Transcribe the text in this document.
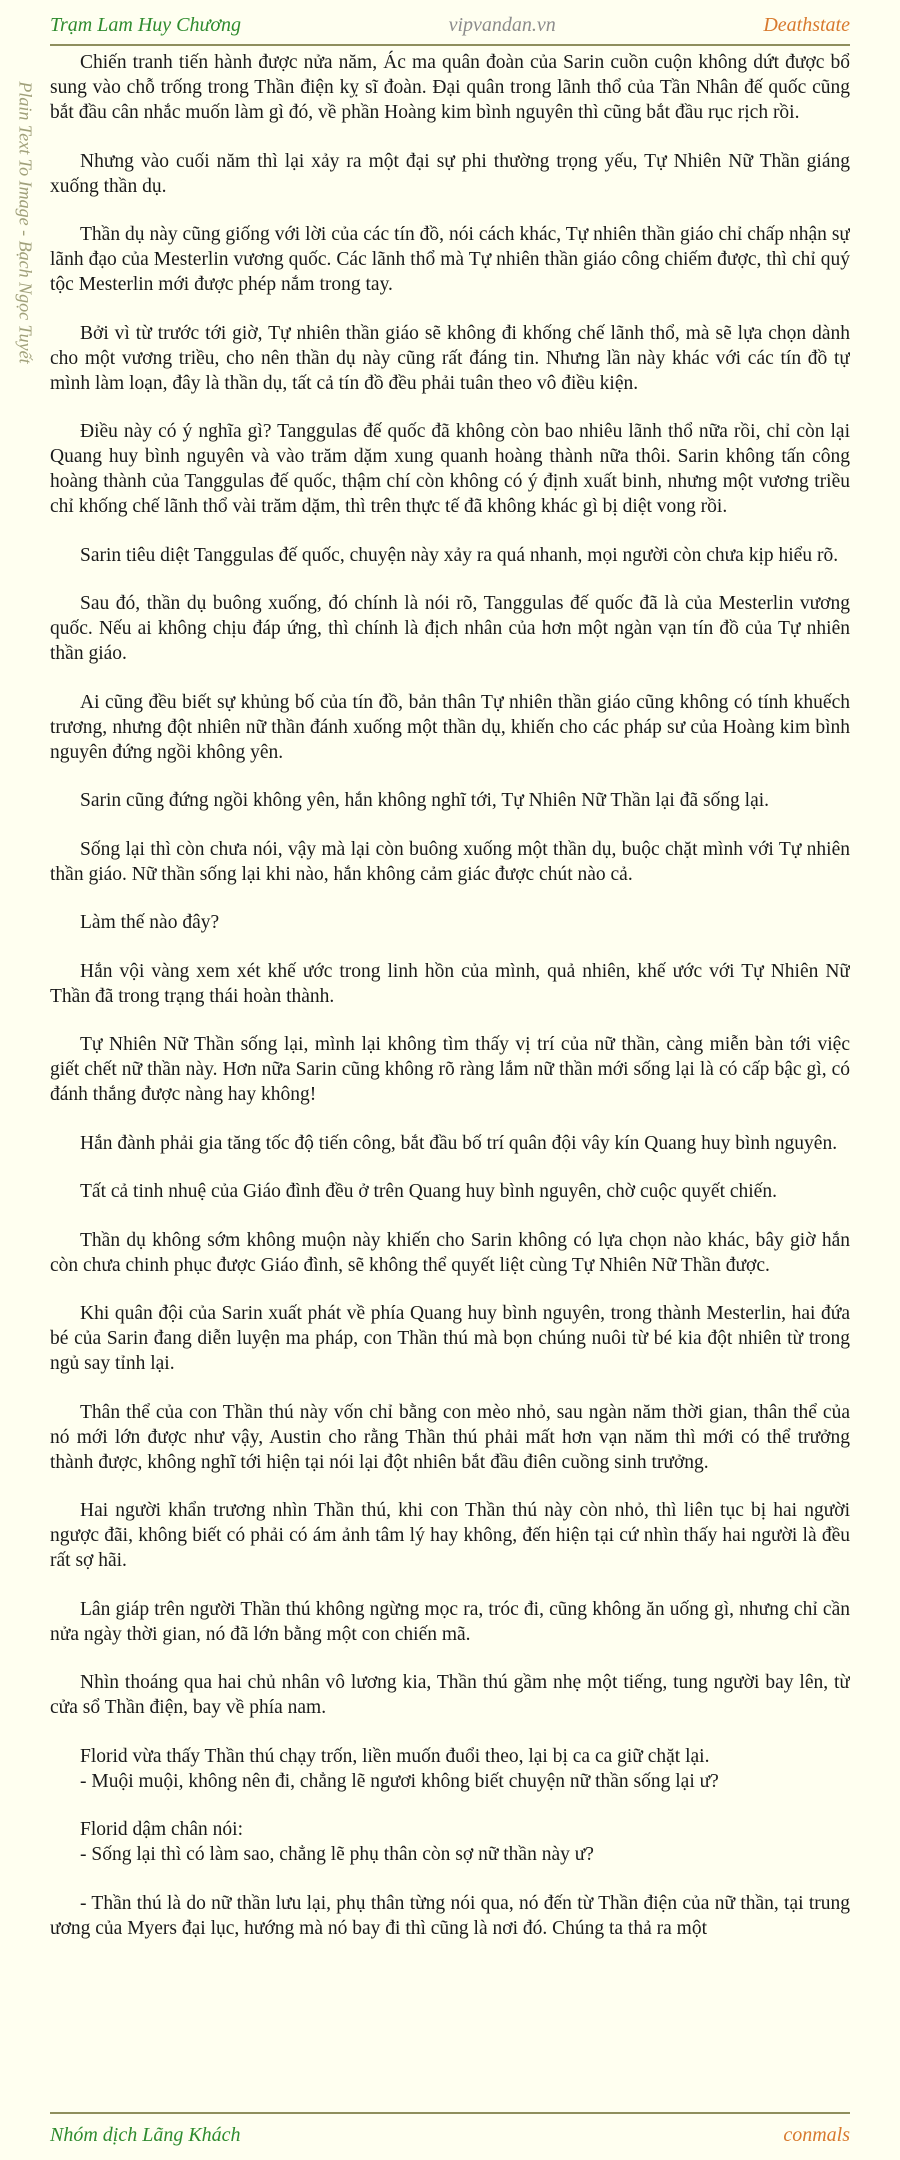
Trạm Lam Huy Chương	vipvandan.vn	Deathstate
Plain Text To Image - Bạch Ngọc Tuyết

Chiến tranh tiến hành được nửa năm, Ác ma quân đoàn của Sarin cuồn cuộn không dứt được bổ sung vào chỗ trống trong Thần điện kỵ sĩ đoàn. Đại quân trong lãnh thổ của Tần Nhân đế quốc cũng bắt đầu cân nhắc muốn làm gì đó, về phần Hoàng kim bình nguyên thì cũng bắt đầu rục rịch rồi.

Nhưng vào cuối năm thì lại xảy ra một đại sự phi thường trọng yếu, Tự Nhiên Nữ Thần giáng xuống thần dụ.

Thần dụ này cũng giống với lời của các tín đồ, nói cách khác, Tự nhiên thần giáo chỉ chấp nhận sự lãnh đạo của Mesterlin vương quốc. Các lãnh thổ mà Tự nhiên thần giáo công chiếm được, thì chỉ quý tộc Mesterlin mới được phép nắm trong tay.

Bởi vì từ trước tới giờ, Tự nhiên thần giáo sẽ không đi khống chế lãnh thổ, mà sẽ lựa chọn dành cho một vương triều, cho nên thần dụ này cũng rất đáng tin. Nhưng lần này khác với các tín đồ tự mình làm loạn, đây là thần dụ, tất cả tín đồ đều phải tuân theo vô điều kiện.

Điều này có ý nghĩa gì? Tanggulas đế quốc đã không còn bao nhiêu lãnh thổ nữa rồi, chỉ còn lại Quang huy bình nguyên và vào trăm dặm xung quanh hoàng thành nữa thôi. Sarin không tấn công hoàng thành của Tanggulas đế quốc, thậm chí còn không có ý định xuất binh, nhưng một vương triều chỉ khống chế lãnh thổ vài trăm dặm, thì trên thực tế đã không khác gì bị diệt vong rồi.

Sarin tiêu diệt Tanggulas đế quốc, chuyện này xảy ra quá nhanh, mọi người còn chưa kịp hiểu rõ.

Sau đó, thần dụ buông xuống, đó chính là nói rõ, Tanggulas đế quốc đã là của Mesterlin vương quốc. Nếu ai không chịu đáp ứng, thì chính là địch nhân của hơn một ngàn vạn tín đồ của Tự nhiên thần giáo.

Ai cũng đều biết sự khủng bố của tín đồ, bản thân Tự nhiên thần giáo cũng không có tính khuếch trương, nhưng đột nhiên nữ thần đánh xuống một thần dụ, khiến cho các pháp sư của Hoàng kim bình nguyên đứng ngồi không yên.

Sarin cũng đứng ngồi không yên, hắn không nghĩ tới, Tự Nhiên Nữ Thần lại đã sống lại.

Sống lại thì còn chưa nói, vậy mà lại còn buông xuống một thần dụ, buộc chặt mình với Tự nhiên thần giáo. Nữ thần sống lại khi nào, hắn không cảm giác được chút nào cả.

Làm thế nào đây?

Hắn vội vàng xem xét khế ước trong linh hồn của mình, quả nhiên, khế ước với Tự Nhiên Nữ Thần đã trong trạng thái hoàn thành.

Tự Nhiên Nữ Thần sống lại, mình lại không tìm thấy vị trí của nữ thần, càng miễn bàn tới việc giết chết nữ thần này. Hơn nữa Sarin cũng không rõ ràng lắm nữ thần mới sống lại là có cấp bậc gì, có đánh thắng được nàng hay không!

Hắn đành phải gia tăng tốc độ tiến công, bắt đầu bố trí quân đội vây kín Quang huy bình nguyên.

Tất cả tinh nhuệ của Giáo đình đều ở trên Quang huy bình nguyên, chờ cuộc quyết chiến.

Thần dụ không sớm không muộn này khiến cho Sarin không có lựa chọn nào khác, bây giờ hắn còn chưa chinh phục được Giáo đình, sẽ không thể quyết liệt cùng Tự Nhiên Nữ Thần được.

Khi quân đội của Sarin xuất phát về phía Quang huy bình nguyên, trong thành Mesterlin, hai đứa bé của Sarin đang diễn luyện ma pháp, con Thần thú mà bọn chúng nuôi từ bé kia đột nhiên từ trong ngủ say tỉnh lại.

Thân thể của con Thần thú này vốn chỉ bằng con mèo nhỏ, sau ngàn năm thời gian, thân thể của nó mới lớn được như vậy, Austin cho rằng Thần thú phải mất hơn vạn năm thì mới có thể trưởng thành được, không nghĩ tới hiện tại nói lại đột nhiên bắt đầu điên cuồng sinh trưởng.

Hai người khẩn trương nhìn Thần thú, khi con Thần thú này còn nhỏ, thì liên tục bị hai người ngược đãi, không biết có phải có ám ảnh tâm lý hay không, đến hiện tại cứ nhìn thấy hai người là đều rất sợ hãi.

Lân giáp trên người Thần thú không ngừng mọc ra, tróc đi, cũng không ăn uống gì, nhưng chỉ cần nửa ngày thời gian, nó đã lớn bằng một con chiến mã.

Nhìn thoáng qua hai chủ nhân vô lương kia, Thần thú gầm nhẹ một tiếng, tung người bay lên, từ cửa sổ Thần điện, bay về phía nam.

Florid vừa thấy Thần thú chạy trốn, liền muốn đuổi theo, lại bị ca ca giữ chặt lại.

- Muội muội, không nên đi, chẳng lẽ ngươi không biết chuyện nữ thần sống lại ư?

Florid dậm chân nói:

- Sống lại thì có làm sao, chẳng lẽ phụ thân còn sợ nữ thần này ư?

- Thần thú là do nữ thần lưu lại, phụ thân từng nói qua, nó đến từ Thần điện của nữ thần, tại trung ương của Myers đại lục, hướng mà nó bay đi thì cũng là nơi đó. Chúng ta thả ra một

Nhóm dịch Lãng Khách	conmals
